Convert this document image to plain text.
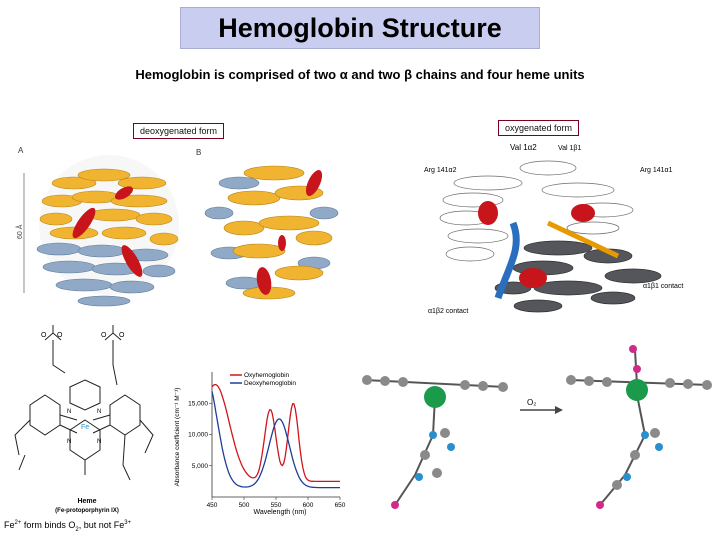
Hemoglobin Structure
Hemoglobin is comprised of two α and two β chains and four heme units
deoxygenated form	oxygenated form
A	B
60 Å
Val 1α2	Val 1β1
Arg 141α2	Arg 141α1
α1β1 contact
α1β2 contact
O O	O O
N	N
N	N
Fe
Heme
(Fe-protoporphyrin IX)
450	500	550	600	650
15,000
10,000
5,000
Oxyhemoglobin
Deoxyhemoglobin
Wavelength (nm)
Absorbance coefficient (cm⁻¹ M⁻¹)	O₂
$Fe^{2+}$ form binds $O_2$, but not $Fe^{3+}$
